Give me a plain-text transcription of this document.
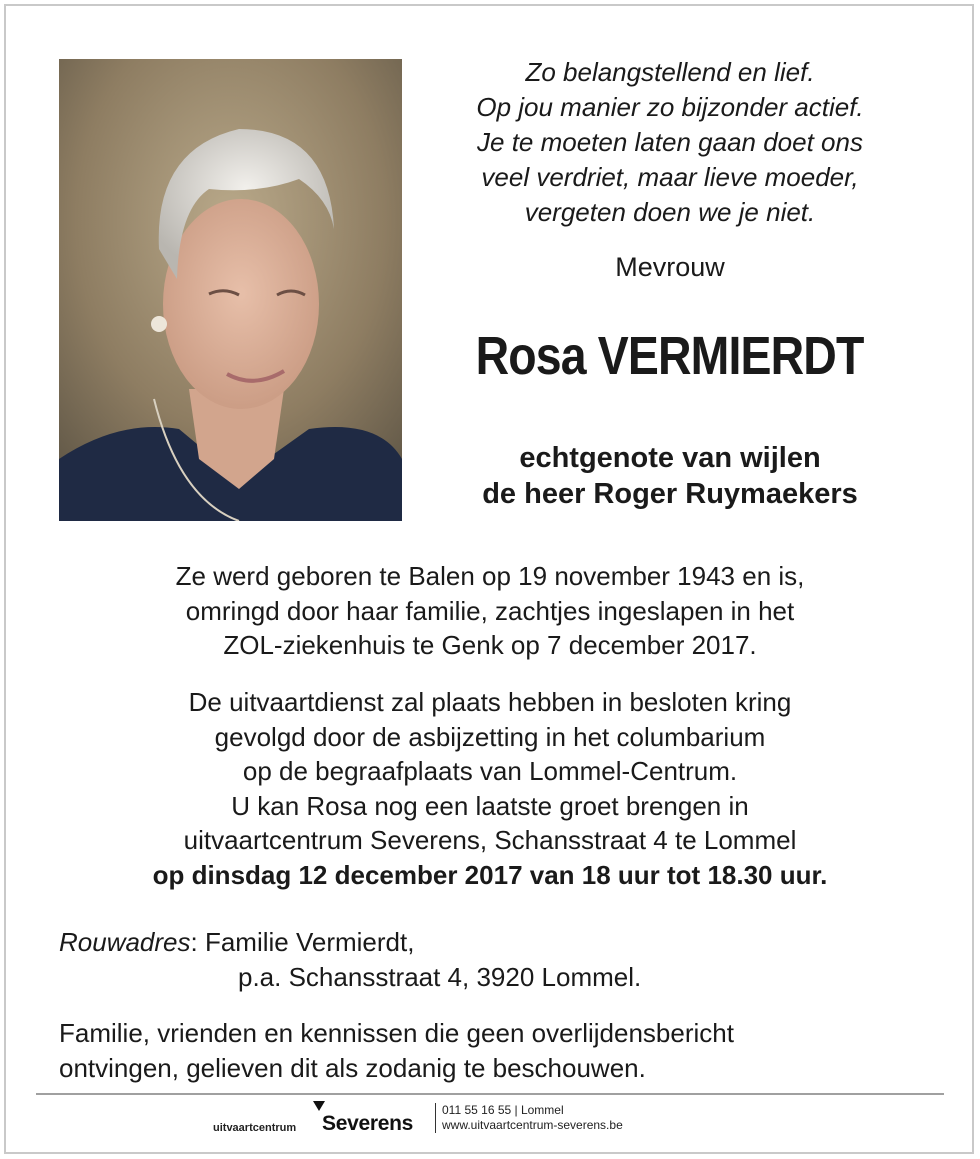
Zo belangstellend en lief.
Op jou manier zo bijzonder actief.
Je te moeten laten gaan doet ons
veel verdriet, maar lieve moeder,
vergeten doen we je niet.
Mevrouw
Rosa VERMIERDT
echtgenote van wijlen
de heer Roger Ruymaekers
Ze werd geboren te Balen op 19 november 1943 en is,
omringd door haar familie, zachtjes ingeslapen in het
ZOL-ziekenhuis te Genk op 7 december 2017.
De uitvaartdienst zal plaats hebben in besloten kring
gevolgd door de asbijzetting in het columbarium
op de begraafplaats van Lommel-Centrum.
U kan Rosa nog een laatste groet brengen in
uitvaartcentrum Severens, Schansstraat 4 te Lommel
op dinsdag 12 december 2017 van 18 uur tot 18.30 uur.
Rouwadres: Familie Vermierdt,
p.a. Schansstraat 4, 3920 Lommel.
Familie, vrienden en kennissen die geen overlijdensbericht
ontvingen, gelieven dit als zodanig te beschouwen.
uitvaartcentrum Severens
011 55 16 55 | Lommel
www.uitvaartcentrum-severens.be
